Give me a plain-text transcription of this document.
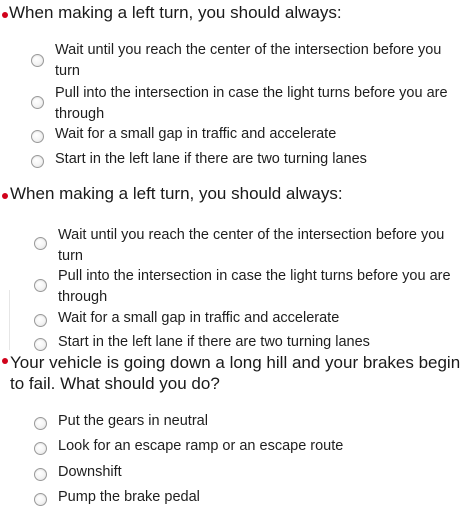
When making a left turn, you should always:
Wait until you reach the center of the intersection before you turn
Pull into the intersection in case the light turns before you are through
Wait for a small gap in traffic and accelerate
Start in the left lane if there are two turning lanes
When making a left turn, you should always:
Wait until you reach the center of the intersection before you turn
Pull into the intersection in case the light turns before you are through
Wait for a small gap in traffic and accelerate
Start in the left lane if there are two turning lanes
Your vehicle is going down a long hill and your brakes begin to fail. What should you do?
Put the gears in neutral
Look for an escape ramp or an escape route
Downshift
Pump the brake pedal
